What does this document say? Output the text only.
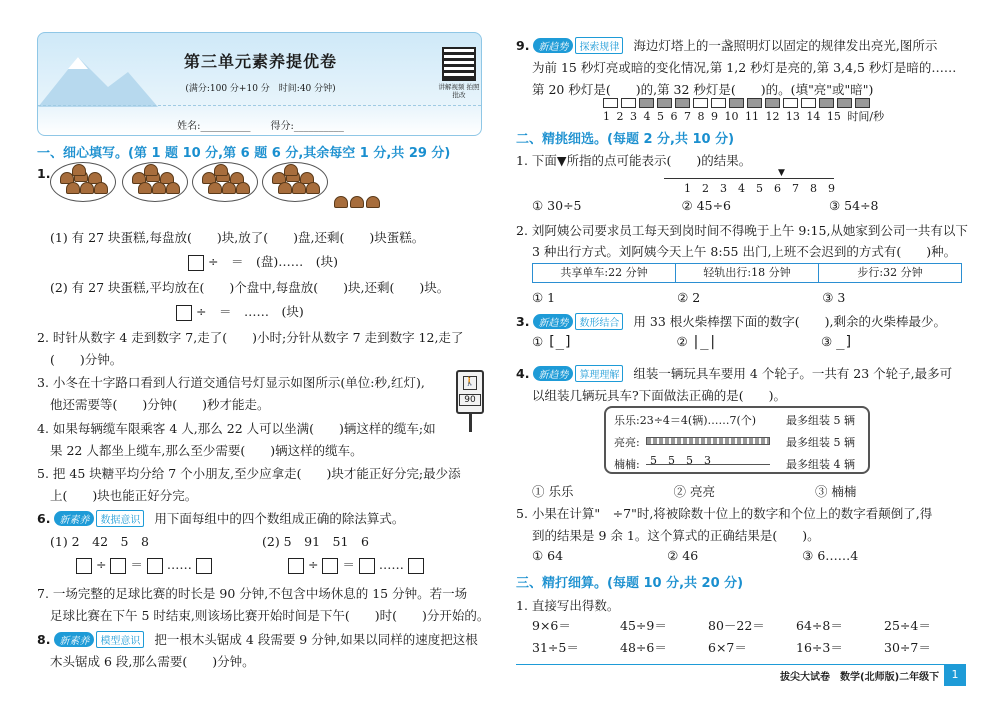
第三单元素养提优卷
(满分:100 分+10 分　时间:40 分钟)
姓名:__________　　得分:__________
讲解视频 拍照批改
一、细心填写。(第 1 题 10 分,第 6 题 6 分,其余每空 1 分,共 29 分)
1.
(1) 有 27 块蛋糕,每盘放(　　)块,放了(　　)盘,还剩(　　)块蛋糕。
÷　＝　(盘)……　(块)
(2) 有 27 块蛋糕,平均放在(　　)个盘中,每盘放(　　)块,还剩(　　)块。
÷　＝　……　(块)
2. 时针从数字 4 走到数字 7,走了(　　)小时;分针从数字 7 走到数字 12,走了
(　　)分钟。
3. 小冬在十字路口看到人行道交通信号灯显示如图所示(单位:秒,红灯),
他还需要等(　　)分钟(　　)秒才能走。
🚶
90
4. 如果每辆缆车限乘客 4 人,那么 22 人可以坐满(　　)辆这样的缆车;如
果 22 人都坐上缆车,那么至少需要(　　)辆这样的缆车。
5. 把 45 块糖平均分给 7 个小朋友,至少应拿走(　　)块才能正好分完;最少添
上(　　)块也能正好分完。
6. 新素养 数据意识 用下面每组中的四个数组成正确的除法算式。
(1) 2　42　5　8	(2) 5　91　51　6
÷  ＝  ……	÷  ＝  ……
7. 一场完整的足球比赛的时长是 90 分钟,不包含中场休息的 15 分钟。若一场
足球比赛在下午 5 时结束,则该场比赛开始时间是下午(　　)时(　　)分开始的。
8. 新素养 模型意识 把一根木头锯成 4 段需要 9 分钟,如果以同样的速度把这根
木头锯成 6 段,那么需要(　　)分钟。
9. 新趋势 探索规律 海边灯塔上的一盏照明灯以固定的规律发出亮光,图所示
为前 15 秒灯亮或暗的变化情况,第 1,2 秒灯是亮的,第 3,4,5 秒灯是暗的……
第 20 秒灯是(　　)的,第 32 秒灯是(　　)的。(填"亮"或"暗")
1 2 3 4 5 6 7 8 9 10 11 12 13 14 15 时间/秒
二、精挑细选。(每题 2 分,共 10 分)
1. 下面▼所指的点可能表示(　　)的结果。
▼
1　2　3　4　5　6　7　8　9
① 30÷5	② 45÷6	③ 54÷8
2. 刘阿姨公司要求员工每天到岗时间不得晚于上午 9:15,从她家到公司一共有以下
3 种出行方式。刘阿姨今天上午 8:55 出门,上班不会迟到的方式有(　　)种。
共享单车:22 分钟	轻轨出行:18 分钟	步行:32 分钟
① 1	② 2	③ 3
3. 新趋势 数形结合 用 33 根火柴棒摆下面的数字(　　),剩余的火柴棒最少。
① [_]	② |_|	③ _]
4. 新趋势 算理理解 组装一辆玩具车要用 4 个轮子。一共有 23 个轮子,最多可
以组装几辆玩具车?下面做法正确的是(　　)。
乐乐:23÷4＝4(辆)……7(个)	最多组装 5 辆
亮亮:	最多组装 5 辆
楠楠: 5　5　5　3	最多组装 4 辆
① 乐乐	② 亮亮	③ 楠楠
5. 小果在计算"　÷7"时,将被除数十位上的数字和个位上的数字看颠倒了,得
到的结果是 9 余 1。这个算式的正确结果是(　　)。
① 64	② 46	③ 6……4
三、精打细算。(每题 10 分,共 20 分)
1. 直接写出得数。
9×6＝	45÷9＝	80－22＝ 64÷8＝	25÷4＝
31÷5＝	48÷6＝	6×7＝	16÷3＝	30÷7＝
拔尖大试卷　数学(北师版)二年级下	1
